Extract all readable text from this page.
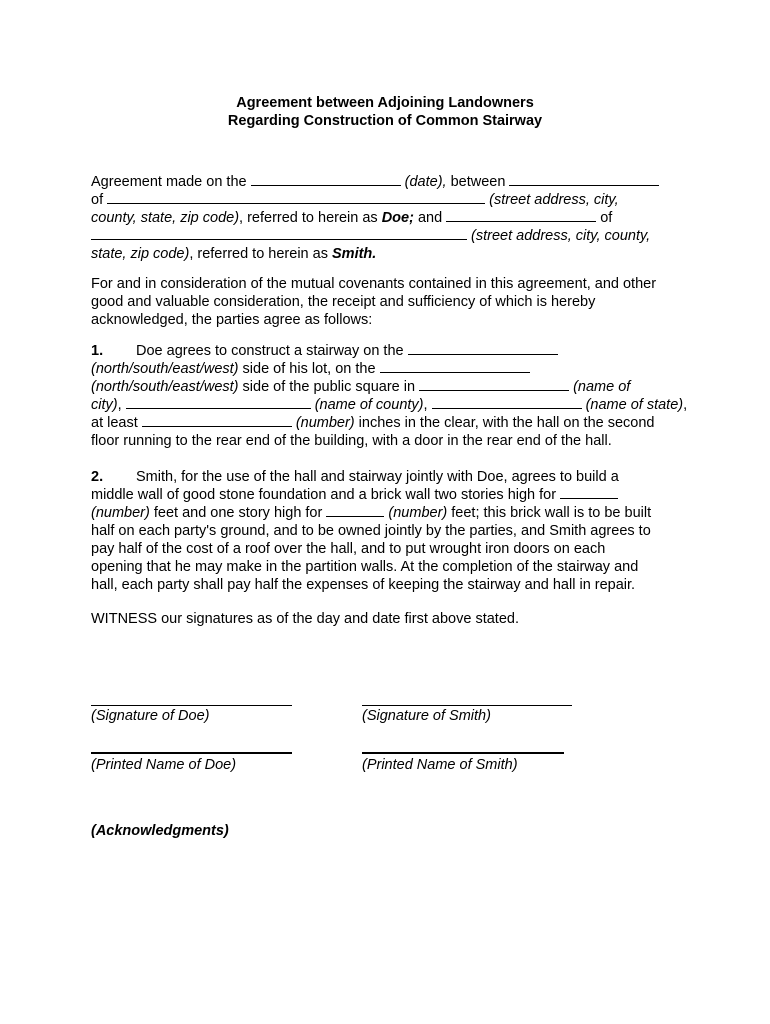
Agreement between Adjoining Landowners
Regarding Construction of Common Stairway
Agreement made on the	(date), between
of	(street address, city,
county, state, zip code), referred to herein as Doe; and	of
(street address, city, county,
state, zip code), referred to herein as Smith.
For and in consideration of the mutual covenants contained in this agreement, and other
good and valuable consideration, the receipt and sufficiency of which is hereby
acknowledged, the parties agree as follows:
1. Doe agrees to construct a stairway on the
(north/south/east/west) side of his lot, on the
(north/south/east/west) side of the public square in	(name of
city),	(name of county),	(name of state),
at least	(number) inches in the clear, with the hall on the second
floor running to the rear end of the building, with a door in the rear end of the hall.
2. Smith, for the use of the hall and stairway jointly with Doe, agrees to build a
middle wall of good stone foundation and a brick wall two stories high for
(number) feet and one story high for	(number) feet; this brick wall is to be built
half on each party's ground, and to be owned jointly by the parties, and Smith agrees to
pay half of the cost of a roof over the hall, and to put wrought iron doors on each
opening that he may make in the partition walls. At the completion of the stairway and
hall, each party shall pay half the expenses of keeping the stairway and hall in repair.
WITNESS our signatures as of the day and date first above stated.
(Signature of Doe)	(Signature of Smith)
(Printed Name of Doe)	(Printed Name of Smith)
(Acknowledgments)
